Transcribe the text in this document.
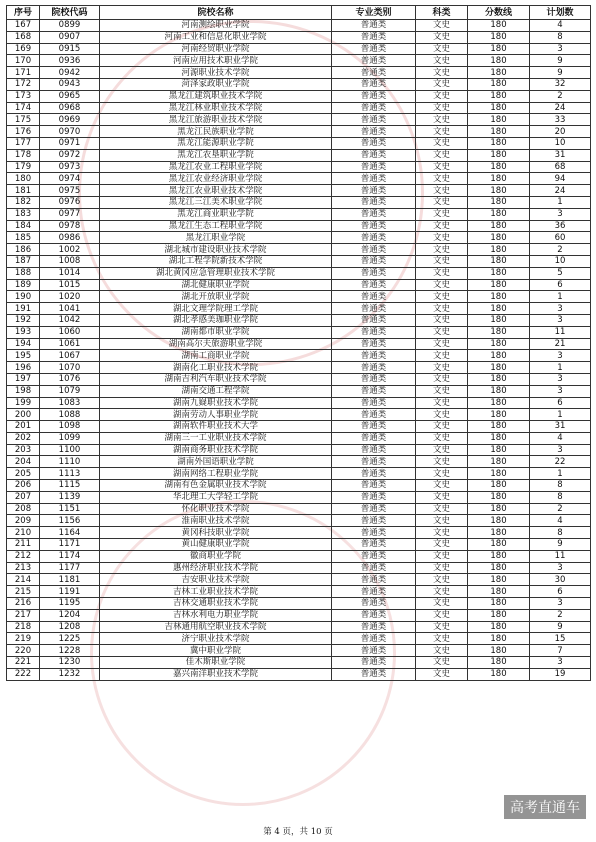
序号	院校代码	院校名称	专业类别	科类	分数线	计划数
167	0899	河南测绘职业学院	普通类	文史	180	4
168	0907	河南工业和信息化职业学院	普通类	文史	180	8
169	0915	河南经贸职业学院	普通类	文史	180	3
170	0936	河南应用技术职业学院	普通类	文史	180	9
171	0942	河源职业技术学院	普通类	文史	180	9
172	0943	菏泽家政职业学院	普通类	文史	180	32
173	0965	黑龙江建筑职业技术学院	普通类	文史	180	2
174	0968	黑龙江林业职业技术学院	普通类	文史	180	24
175	0969	黑龙江旅游职业技术学院	普通类	文史	180	33
176	0970	黑龙江民族职业学院	普通类	文史	180	20
177	0971	黑龙江能源职业学院	普通类	文史	180	10
178	0972	黑龙江农垦职业学院	普通类	文史	180	31
179	0973	黑龙江农业工程职业学院	普通类	文史	180	68
180	0974	黑龙江农业经济职业学院	普通类	文史	180	94
181	0975	黑龙江农业职业技术学院	普通类	文史	180	24
182	0976	黑龙江三江美术职业学院	普通类	文史	180	1
183	0977	黑龙江商业职业学院	普通类	文史	180	3
184	0978	黑龙江生态工程职业学院	普通类	文史	180	36
185	0986	黑龙江职业学院	普通类	文史	180	60
186	1002	湖北城市建设职业技术学院	普通类	文史	180	2
187	1008	湖北工程学院新技术学院	普通类	文史	180	10
188	1014	湖北黄冈应急管理职业技术学院	普通类	文史	180	5
189	1015	湖北健康职业学院	普通类	文史	180	6
190	1020	湖北开放职业学院	普通类	文史	180	1
191	1041	湖北文理学院理工学院	普通类	文史	180	3
192	1042	湖北孝感美珈职业学院	普通类	文史	180	3
193	1060	湖南都市职业学院	普通类	文史	180	11
194	1061	湖南高尔夫旅游职业学院	普通类	文史	180	21
195	1067	湖南工商职业学院	普通类	文史	180	3
196	1070	湖南化工职业技术学院	普通类	文史	180	1
197	1076	湖南吉利汽车职业技术学院	普通类	文史	180	3
198	1079	湖南交通工程学院	普通类	文史	180	3
199	1083	湖南九嶷职业技术学院	普通类	文史	180	6
200	1088	湖南劳动人事职业学院	普通类	文史	180	1
201	1098	湖南软件职业技术大学	普通类	文史	180	31
202	1099	湖南三一工业职业技术学院	普通类	文史	180	4
203	1100	湖南商务职业技术学院	普通类	文史	180	3
204	1110	湖南外国语职业学院	普通类	文史	180	22
205	1113	湖南网络工程职业学院	普通类	文史	180	1
206	1115	湖南有色金属职业技术学院	普通类	文史	180	8
207	1139	华北理工大学轻工学院	普通类	文史	180	8
208	1151	怀化职业技术学院	普通类	文史	180	2
209	1156	淮南职业技术学院	普通类	文史	180	4
210	1164	黄冈科技职业学院	普通类	文史	180	8
211	1171	黄山健康职业学院	普通类	文史	180	9
212	1174	徽商职业学院	普通类	文史	180	11
213	1177	惠州经济职业技术学院	普通类	文史	180	3
214	1181	吉安职业技术学院	普通类	文史	180	30
215	1191	吉林工业职业技术学院	普通类	文史	180	6
216	1195	吉林交通职业技术学院	普通类	文史	180	3
217	1204	吉林水利电力职业学院	普通类	文史	180	2
218	1208	吉林通用航空职业技术学院	普通类	文史	180	9
219	1225	济宁职业技术学院	普通类	文史	180	15
220	1228	冀中职业学院	普通类	文史	180	7
221	1230	佳木斯职业学院	普通类	文史	180	3
222	1232	嘉兴南洋职业技术学院	普通类	文史	180	19
第 4 页，共 10 页
高考直通车
